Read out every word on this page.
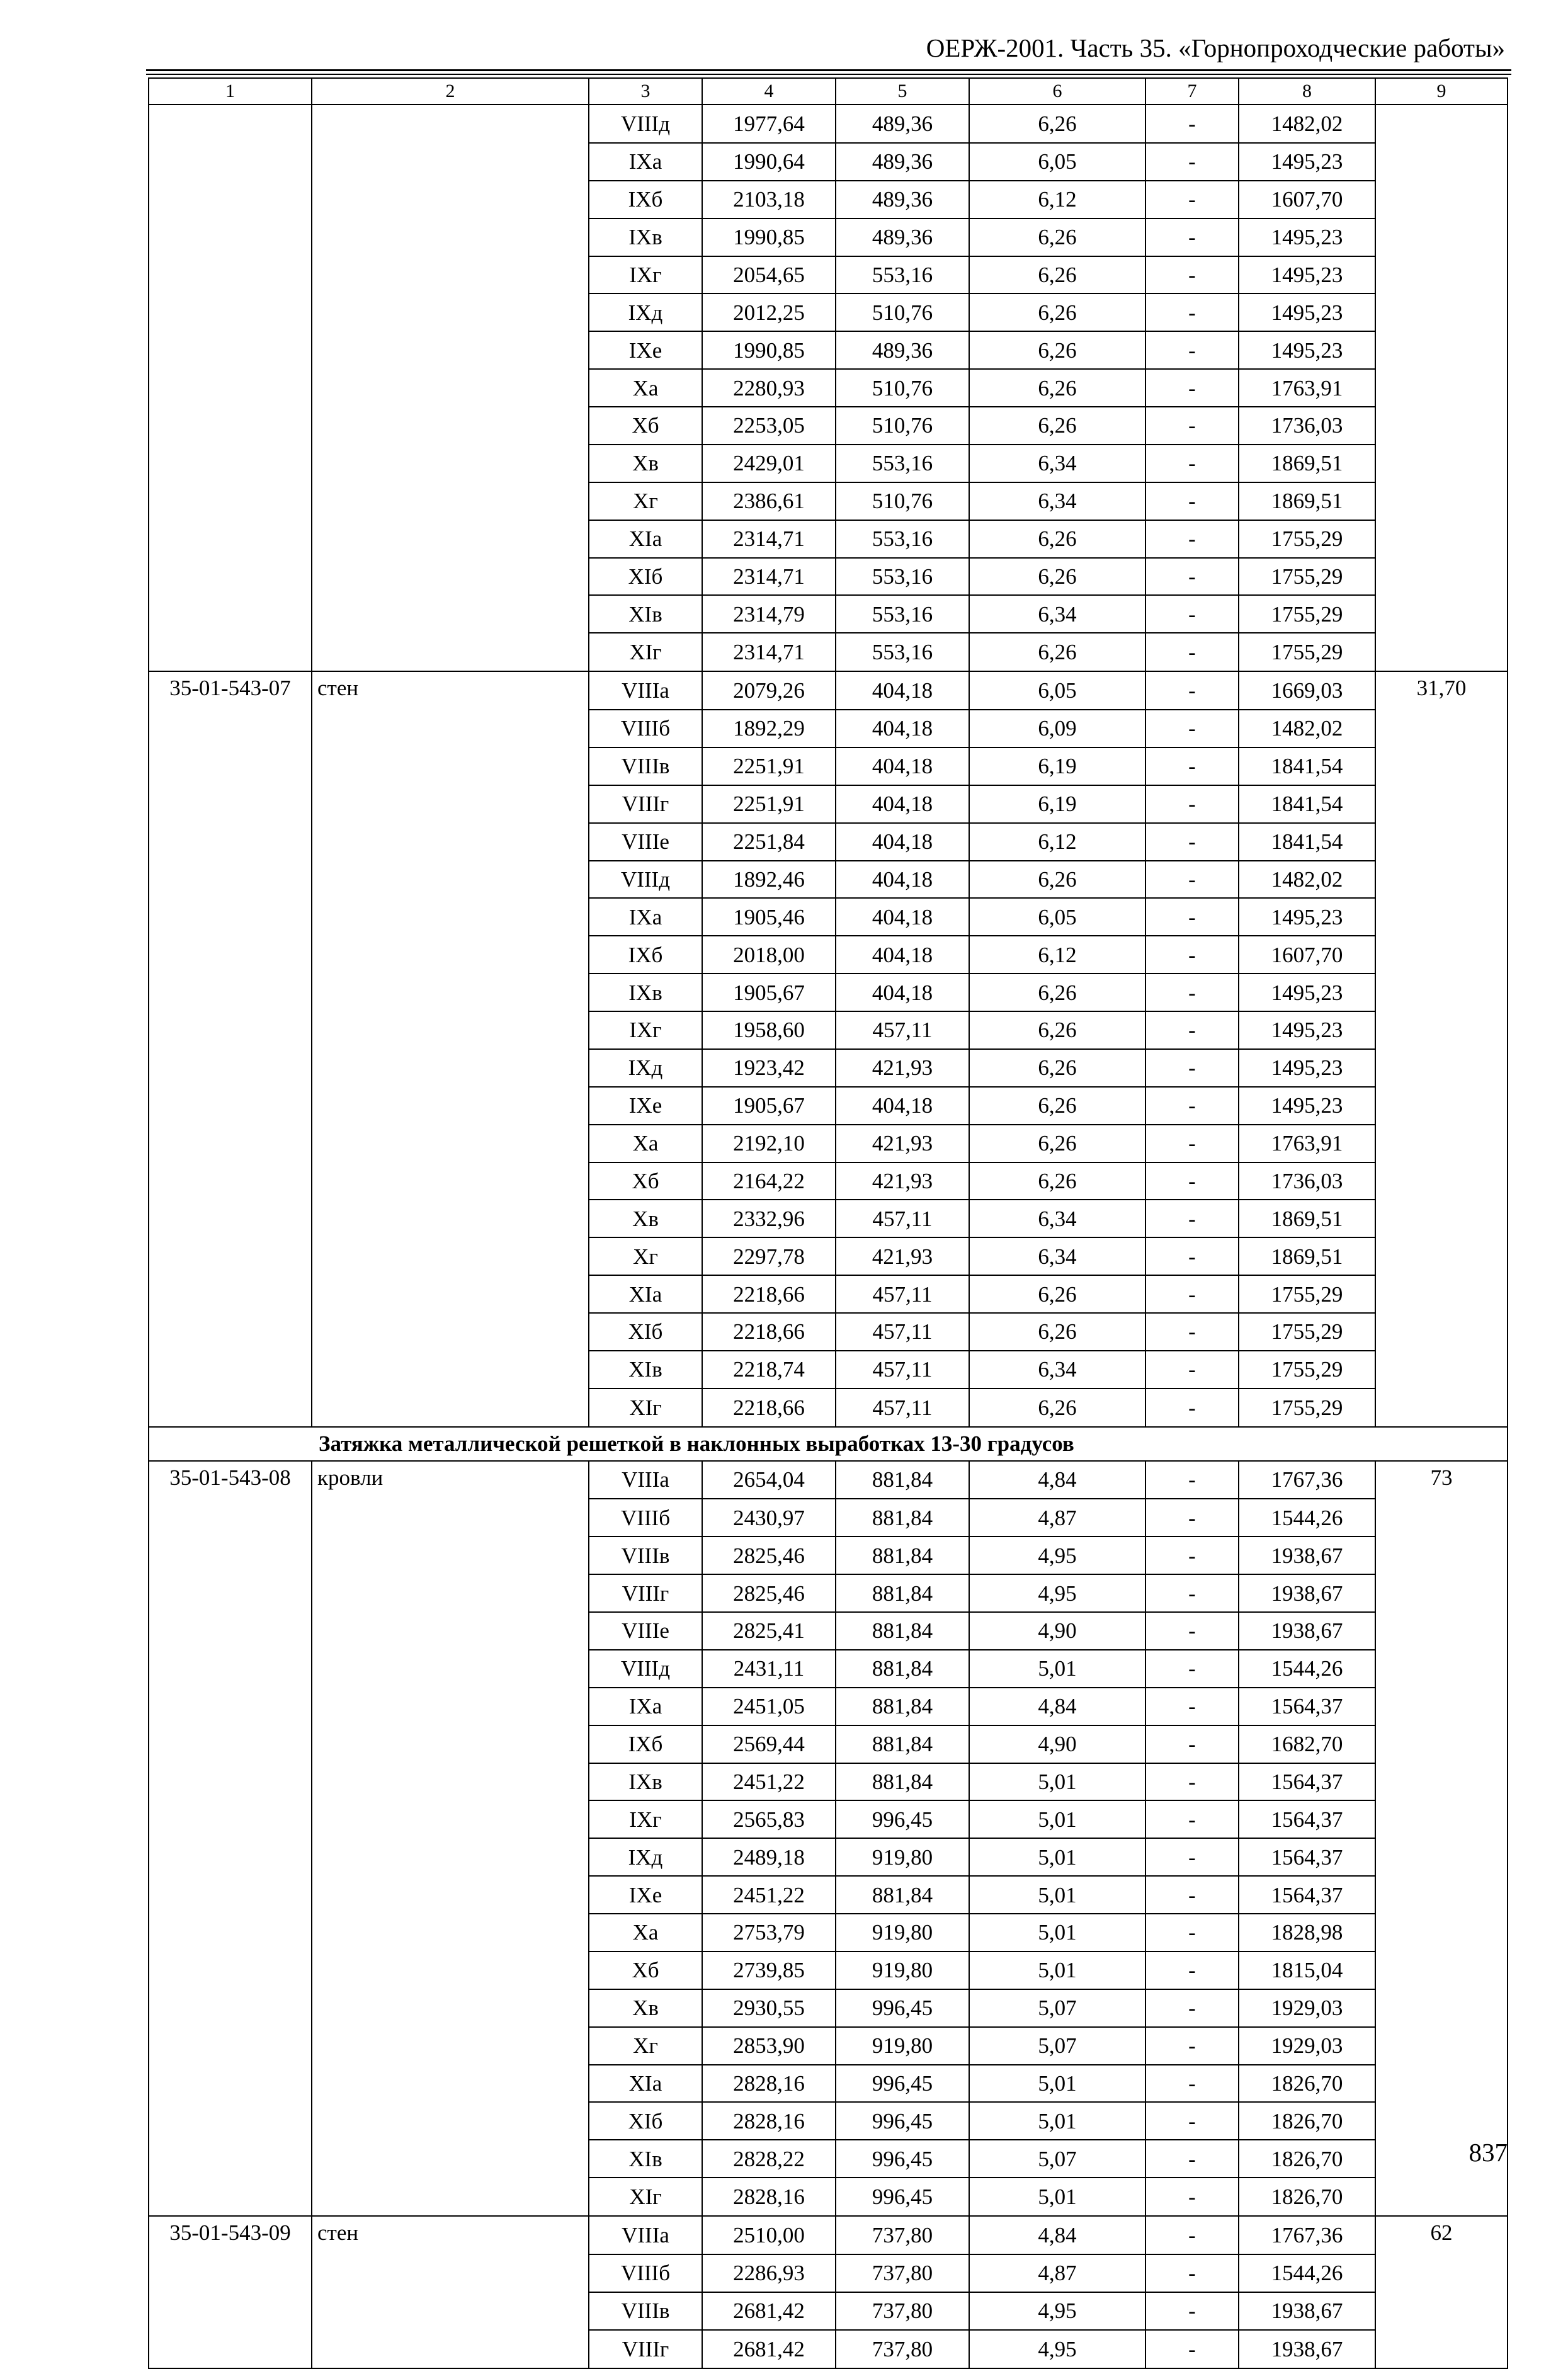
ОЕРЖ-2001. Часть 35. «Горнопроходческие работы»
1	2	3	4	5	6	7	8	9
		VIIIд	1977,64	489,36	6,26	-	1482,02	
		IXа	1990,64	489,36	6,05	-	1495,23	
		IXб	2103,18	489,36	6,12	-	1607,70	
		IXв	1990,85	489,36	6,26	-	1495,23	
		IXг	2054,65	553,16	6,26	-	1495,23	
		IXд	2012,25	510,76	6,26	-	1495,23	
		IXе	1990,85	489,36	6,26	-	1495,23	
		Xа	2280,93	510,76	6,26	-	1763,91	
		Xб	2253,05	510,76	6,26	-	1736,03	
		Xв	2429,01	553,16	6,34	-	1869,51	
		Xг	2386,61	510,76	6,34	-	1869,51	
		XIа	2314,71	553,16	6,26	-	1755,29	
		XIб	2314,71	553,16	6,26	-	1755,29	
		XIв	2314,79	553,16	6,34	-	1755,29	
		XIг	2314,71	553,16	6,26	-	1755,29	
35-01-543-07	стен	VIIIа	2079,26	404,18	6,05	-	1669,03	31,70
		VIIIб	1892,29	404,18	6,09	-	1482,02	
		VIIIв	2251,91	404,18	6,19	-	1841,54	
		VIIIг	2251,91	404,18	6,19	-	1841,54	
		VIIIе	2251,84	404,18	6,12	-	1841,54	
		VIIIд	1892,46	404,18	6,26	-	1482,02	
		IXа	1905,46	404,18	6,05	-	1495,23	
		IXб	2018,00	404,18	6,12	-	1607,70	
		IXв	1905,67	404,18	6,26	-	1495,23	
		IXг	1958,60	457,11	6,26	-	1495,23	
		IXд	1923,42	421,93	6,26	-	1495,23	
		IXе	1905,67	404,18	6,26	-	1495,23	
		Xа	2192,10	421,93	6,26	-	1763,91	
		Xб	2164,22	421,93	6,26	-	1736,03	
		Xв	2332,96	457,11	6,34	-	1869,51	
		Xг	2297,78	421,93	6,34	-	1869,51	
		XIа	2218,66	457,11	6,26	-	1755,29	
		XIб	2218,66	457,11	6,26	-	1755,29	
		XIв	2218,74	457,11	6,34	-	1755,29	
		XIг	2218,66	457,11	6,26	-	1755,29	
Затяжка металлической решеткой в наклонных выработках 13-30 градусов								
35-01-543-08	кровли	VIIIа	2654,04	881,84	4,84	-	1767,36	73
		VIIIб	2430,97	881,84	4,87	-	1544,26	
		VIIIв	2825,46	881,84	4,95	-	1938,67	
		VIIIг	2825,46	881,84	4,95	-	1938,67	
		VIIIе	2825,41	881,84	4,90	-	1938,67	
		VIIIд	2431,11	881,84	5,01	-	1544,26	
		IXа	2451,05	881,84	4,84	-	1564,37	
		IXб	2569,44	881,84	4,90	-	1682,70	
		IXв	2451,22	881,84	5,01	-	1564,37	
		IXг	2565,83	996,45	5,01	-	1564,37	
		IXд	2489,18	919,80	5,01	-	1564,37	
		IXе	2451,22	881,84	5,01	-	1564,37	
		Xа	2753,79	919,80	5,01	-	1828,98	
		Xб	2739,85	919,80	5,01	-	1815,04	
		Xв	2930,55	996,45	5,07	-	1929,03	
		Xг	2853,90	919,80	5,07	-	1929,03	
		XIа	2828,16	996,45	5,01	-	1826,70	
		XIб	2828,16	996,45	5,01	-	1826,70	
		XIв	2828,22	996,45	5,07	-	1826,70	
		XIг	2828,16	996,45	5,01	-	1826,70	
35-01-543-09	стен	VIIIа	2510,00	737,80	4,84	-	1767,36	62
		VIIIб	2286,93	737,80	4,87	-	1544,26	
		VIIIв	2681,42	737,80	4,95	-	1938,67	
		VIIIг	2681,42	737,80	4,95	-	1938,67	
837
